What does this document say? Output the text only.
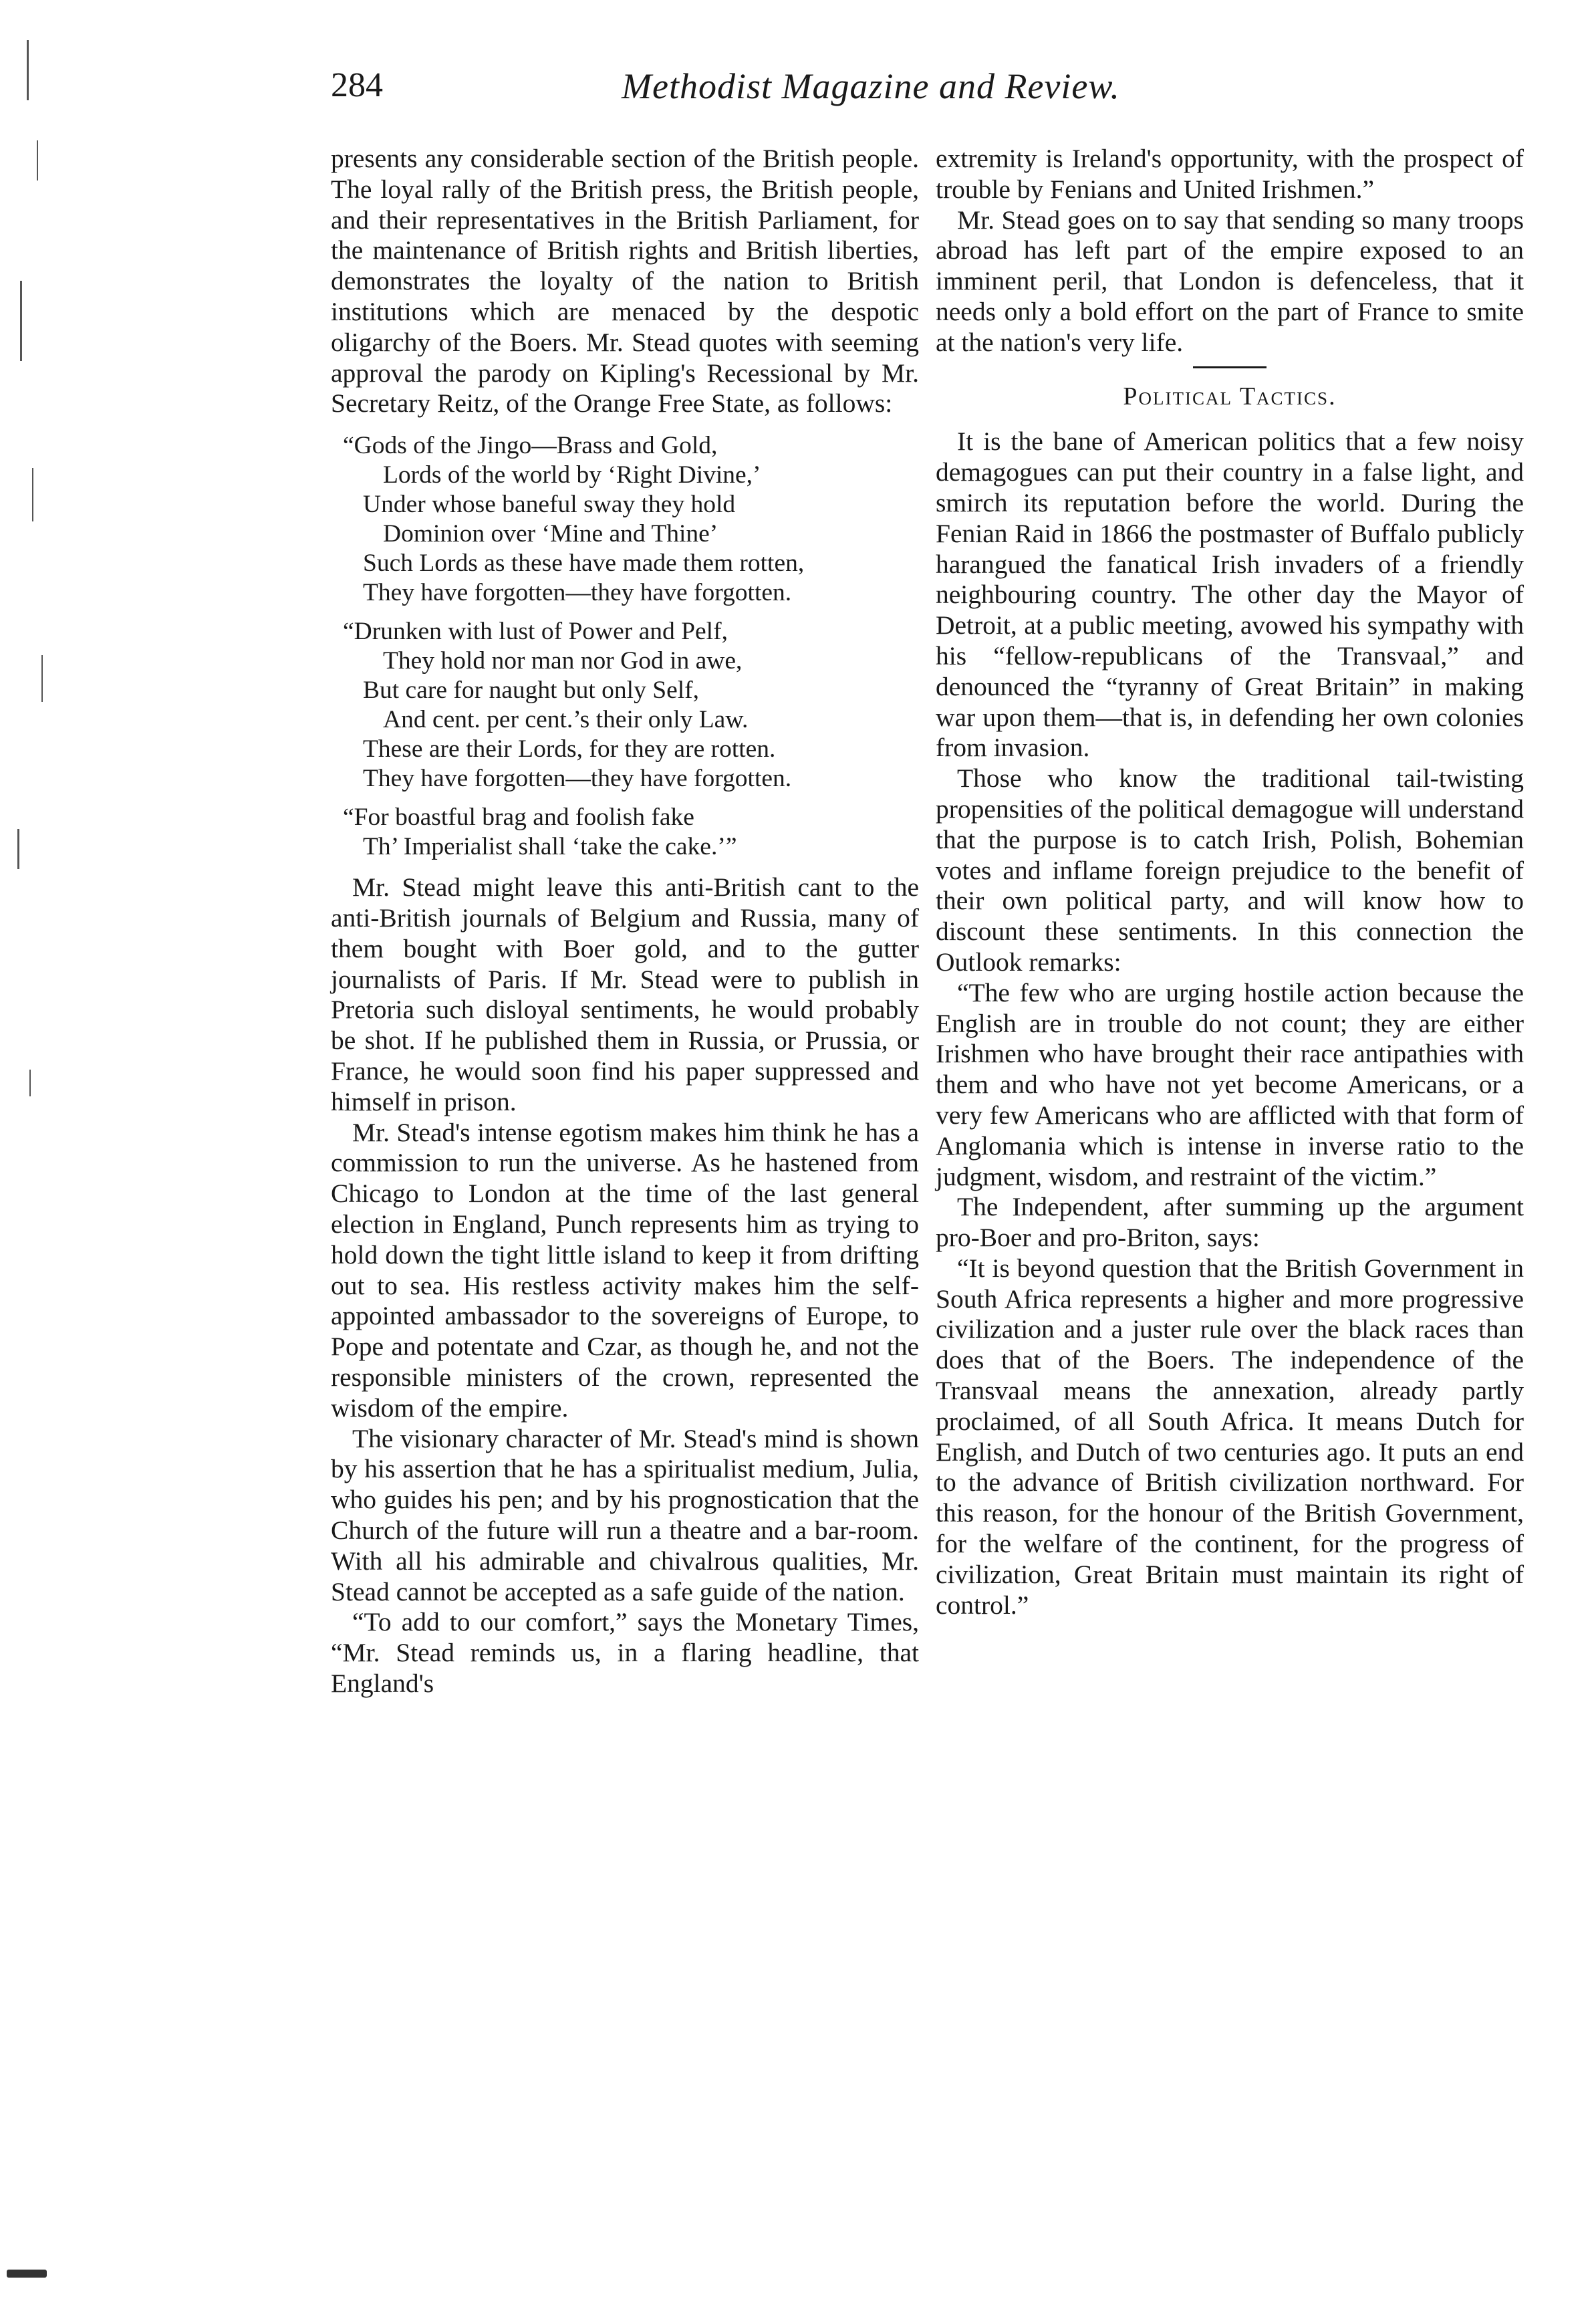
284	Methodist Magazine and Review.

presents any considerable section of the British people. The loyal rally of the British press, the British people, and their representatives in the British Parliament, for the maintenance of British rights and British liberties, demonstrates the loyalty of the nation to British institutions which are menaced by the despotic oligarchy of the Boers. Mr. Stead quotes with seeming approval the parody on Kipling's Recessional by Mr. Secretary Reitz, of the Orange Free State, as follows:

“Gods of the Jingo—Brass and Gold,
Lords of the world by ‘Right Divine,’
Under whose baneful sway they hold
Dominion over ‘Mine and Thine’
Such Lords as these have made them rotten,
They have forgotten—they have forgotten.
“Drunken with lust of Power and Pelf,
They hold nor man nor God in awe,
But care for naught but only Self,
And cent. per cent.’s their only Law.
These are their Lords, for they are rotten.
They have forgotten—they have forgotten.
“For boastful brag and foolish fake
Th’ Imperialist shall ‘take the cake.’”

Mr. Stead might leave this anti-British cant to the anti-British journals of Belgium and Russia, many of them bought with Boer gold, and to the gutter journalists of Paris. If Mr. Stead were to publish in Pretoria such disloyal sentiments, he would probably be shot. If he published them in Russia, or Prussia, or France, he would soon find his paper suppressed and himself in prison.

Mr. Stead's intense egotism makes him think he has a commission to run the universe. As he hastened from Chicago to London at the time of the last general election in England, Punch represents him as trying to hold down the tight little island to keep it from drifting out to sea. His restless activity makes him the self-appointed ambassador to the sovereigns of Europe, to Pope and potentate and Czar, as though he, and not the responsible ministers of the crown, represented the wisdom of the empire.

The visionary character of Mr. Stead's mind is shown by his assertion that he has a spiritualist medium, Julia, who guides his pen; and by his prognostication that the Church of the future will run a theatre and a bar-room. With all his admirable and chivalrous qualities, Mr. Stead cannot be accepted as a safe guide of the nation.

“To add to our comfort,” says the Monetary Times, “Mr. Stead reminds us, in a flaring headline, that England's

extremity is Ireland's opportunity, with the prospect of trouble by Fenians and United Irishmen.”

Mr. Stead goes on to say that sending so many troops abroad has left part of the empire exposed to an imminent peril, that London is defenceless, that it needs only a bold effort on the part of France to smite at the nation's very life.

Political Tactics.

It is the bane of American politics that a few noisy demagogues can put their country in a false light, and smirch its reputation before the world. During the Fenian Raid in 1866 the postmaster of Buffalo publicly harangued the fanatical Irish invaders of a friendly neighbouring country. The other day the Mayor of Detroit, at a public meeting, avowed his sympathy with his “fellow-republicans of the Transvaal,” and denounced the “tyranny of Great Britain” in making war upon them—that is, in defending her own colonies from invasion.

Those who know the traditional tail-twisting propensities of the political demagogue will understand that the purpose is to catch Irish, Polish, Bohemian votes and inflame foreign prejudice to the benefit of their own political party, and will know how to discount these sentiments. In this connection the Outlook remarks:

“The few who are urging hostile action because the English are in trouble do not count; they are either Irishmen who have brought their race antipathies with them and who have not yet become Americans, or a very few Americans who are afflicted with that form of Anglomania which is intense in inverse ratio to the judgment, wisdom, and restraint of the victim.”

The Independent, after summing up the argument pro-Boer and pro-Briton, says:

“It is beyond question that the British Government in South Africa represents a higher and more progressive civilization and a juster rule over the black races than does that of the Boers. The independence of the Transvaal means the annexation, already partly proclaimed, of all South Africa. It means Dutch for English, and Dutch of two centuries ago. It puts an end to the advance of British civilization northward. For this reason, for the honour of the British Government, for the welfare of the continent, for the progress of civilization, Great Britain must maintain its right of control.”
